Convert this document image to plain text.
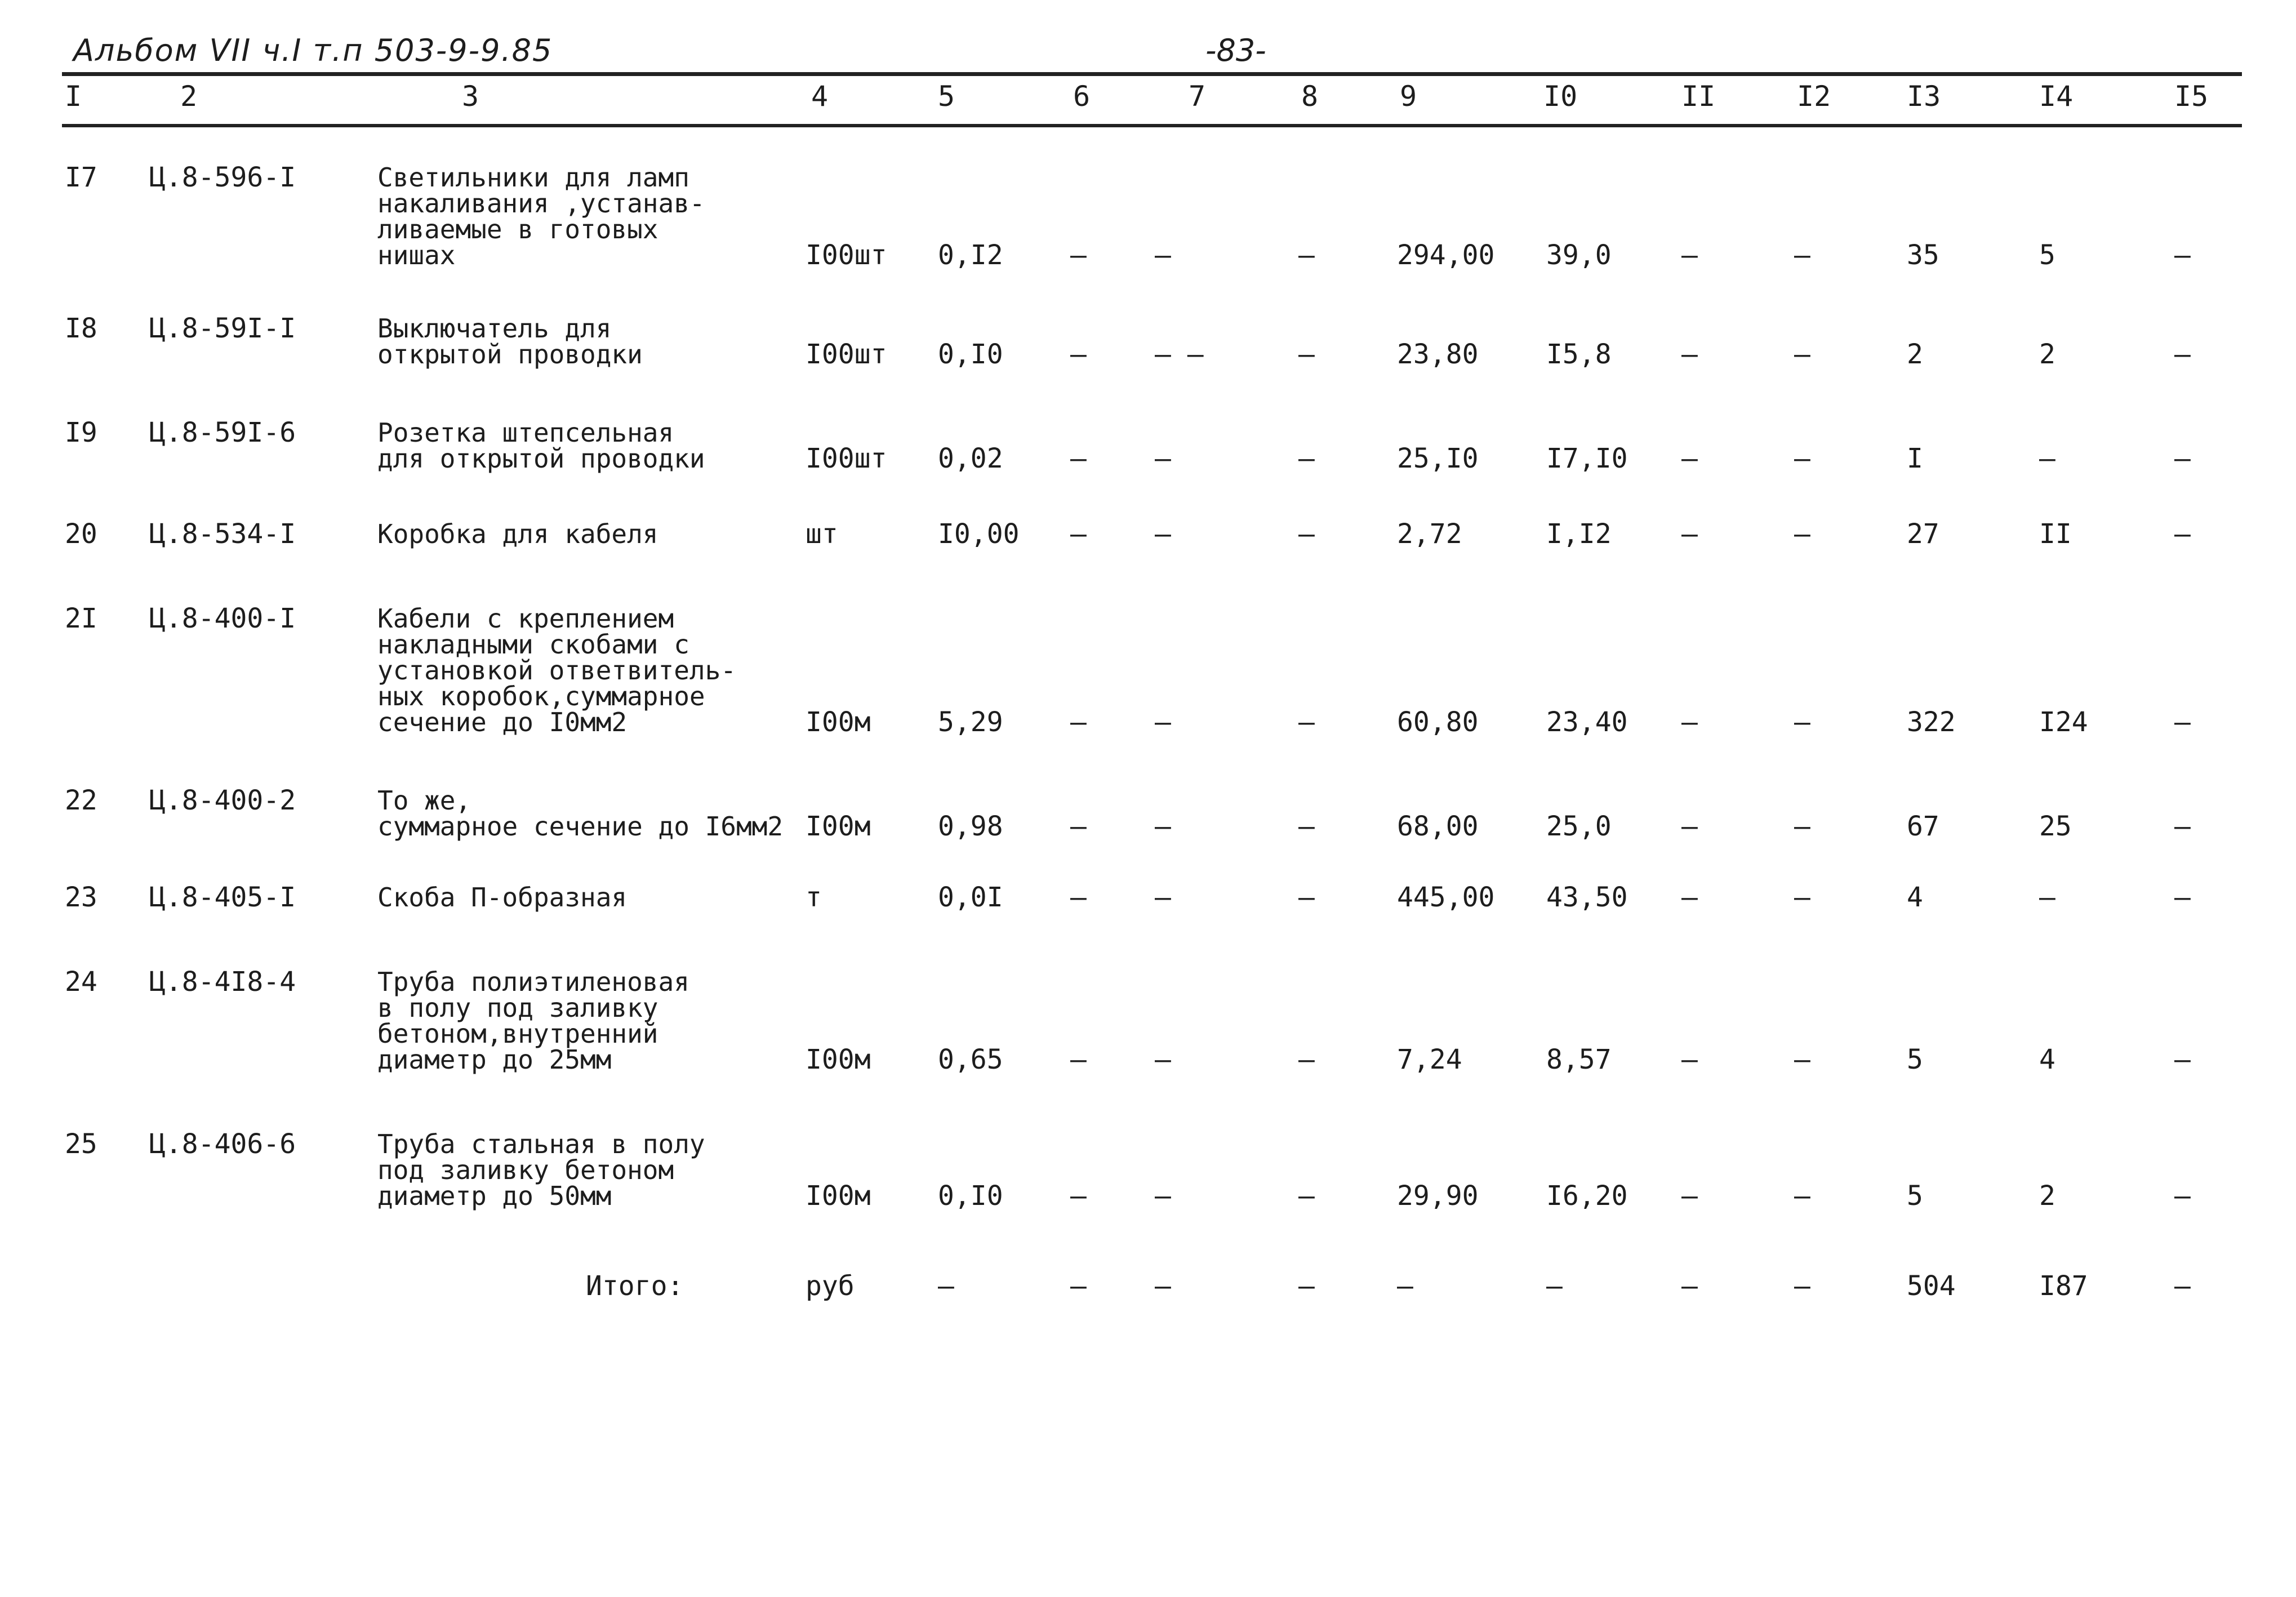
Альбом VII ч.I т.п 503-9-9.85	-83-
I7 Ц.8-596-I	Светильники для ламп
накаливания ,устанав-
ливаемые в готовых
нишах	I00шт 0,I2 –	–	–	294,00 39,0	–	–	35	5	–
I8 Ц.8-59I-I	Выключатель для
открытой проводки	I00шт 0,I0 –	– –	–	23,80	I5,8	–	–	2	2	–
I9 Ц.8-59I-6	Розетка штепсельная
для открытой проводки	I00шт 0,02 –	–	–	25,I0	I7,I0 –	–	I	–	–
20 Ц.8-534-I	Коробка для кабеля	шт	I0,00 –	–	–	2,72	I,I2	–	–	27	II	–
2I Ц.8-400-I	Кабели с креплением
накладными скобами с
установкой ответвитель-
ных коробок,суммарное
сечение до I0мм2	I00м 5,29 –	–	–	60,80	23,40 –	–	322	I24	–
22 Ц.8-400-2	То же,
суммарное сечение до I6мм2 I00м 0,98 –	–	–	68,00	25,0	–	–	67	25	–
23 Ц.8-405-I	Скоба П-образная	т	0,0I –	–	–	445,00 43,50 –	–	4	–	–
24 Ц.8-4I8-4	Труба полиэтиленовая
в полу под заливку
бетоном,внутренний
диаметр до 25мм	I00м 0,65 –	–	–	7,24	8,57	–	–	5	4	–
25 Ц.8-406-6	Труба стальная в полу
под заливку бетоном
диаметр до 50мм	I00м 0,I0 –	–	–	29,90	I6,20 –	–	5	2	–
Итого:	руб	–	–	–	–	–	–	–	–	504	I87	–
I	2	3	4	5	6	7	8	9	I0	II	I2	I3	I4	I5
